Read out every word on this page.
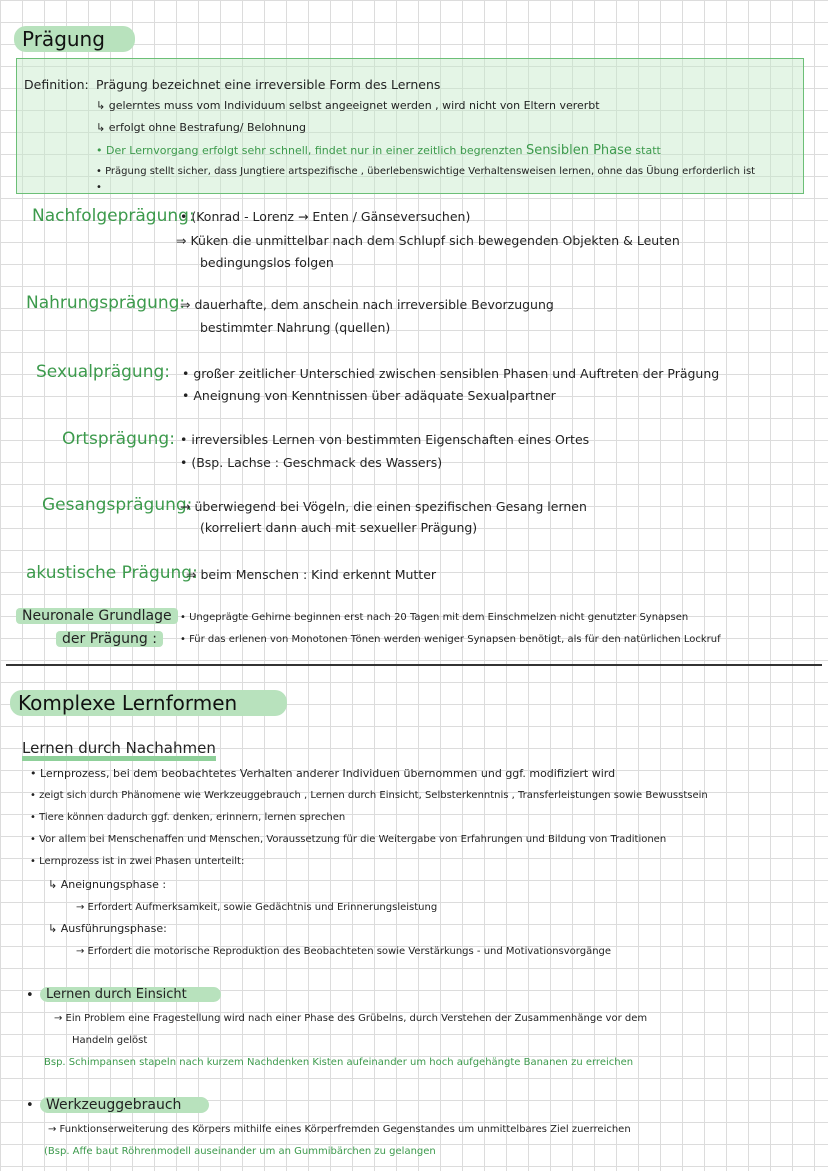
Prägung
Definition: Prägung bezeichnet eine irreversible Form des Lernens
↳ gelerntes muss vom Individuum selbst angeeignet werden , wird nicht von Eltern vererbt
↳ erfolgt ohne Bestrafung/ Belohnung
• Der Lernvorgang erfolgt sehr schnell, findet nur in einer zeitlich begrenzten Sensiblen Phase statt
• Prägung stellt sicher, dass Jungtiere artspezifische , überlebenswichtige Verhaltensweisen lernen, ohne das Übung erforderlich ist
•
Nachfolgeprägung:
• (Konrad - Lorenz → Enten / Gänseversuchen)
⇒ Küken die unmittelbar nach dem Schlupf sich bewegenden Objekten & Leuten
bedingungslos folgen
Nahrungsprägung:
⇒ dauerhafte, dem anschein nach irreversible Bevorzugung
bestimmter Nahrung (quellen)
Sexualprägung: • großer zeitlicher Unterschied zwischen sensiblen Phasen und Auftreten der Prägung
• Aneignung von Kenntnissen über adäquate Sexualpartner
Ortsprägung: • irreversibles Lernen von bestimmten Eigenschaften eines Ortes
• (Bsp. Lachse : Geschmack des Wassers)
Gesangsprägung:
→ überwiegend bei Vögeln, die einen spezifischen Gesang lernen
(korreliert dann auch mit sexueller Prägung)
akustische Prägung:
⇒ beim Menschen : Kind erkennt Mutter
Neuronale Grundlage
der Prägung :
• Ungeprägte Gehirne beginnen erst nach 20 Tagen mit dem Einschmelzen nicht genutzter Synapsen
• Für das erlenen von Monotonen Tönen werden weniger Synapsen benötigt, als für den natürlichen Lockruf
Komplexe Lernformen
Lernen durch Nachahmen
• Lernprozess, bei dem beobachtetes Verhalten anderer Individuen übernommen und ggf. modifiziert wird
• zeigt sich durch Phänomene wie Werkzeuggebrauch , Lernen durch Einsicht, Selbsterkenntnis , Transferleistungen sowie Bewusstsein
• Tiere können dadurch ggf. denken, erinnern, lernen sprechen
• Vor allem bei Menschenaffen und Menschen, Voraussetzung für die Weitergabe von Erfahrungen und Bildung von Traditionen
• Lernprozess ist in zwei Phasen unterteilt:
↳ Aneignungsphase :
→ Erfordert Aufmerksamkeit, sowie Gedächtnis und Erinnerungsleistung
↳ Ausführungsphase:
→ Erfordert die motorische Reproduktion des Beobachteten sowie Verstärkungs - und Motivationsvorgänge
• Lernen durch Einsicht
→ Ein Problem eine Fragestellung wird nach einer Phase des Grübelns, durch Verstehen der Zusammenhänge vor dem
Handeln gelöst
Bsp. Schimpansen stapeln nach kurzem Nachdenken Kisten aufeinander um hoch aufgehängte Bananen zu erreichen
• Werkzeuggebrauch
→ Funktionserweiterung des Körpers mithilfe eines Körperfremden Gegenstandes um unmittelbares Ziel zuerreichen
(Bsp. Affe baut Röhrenmodell auseinander um an Gummibärchen zu gelangen
